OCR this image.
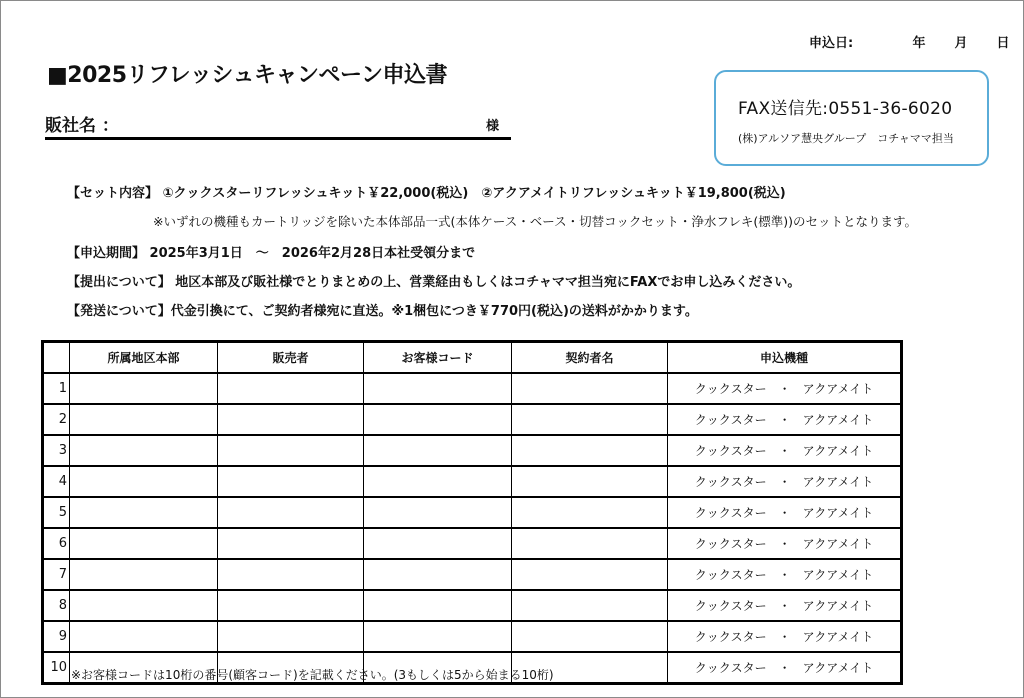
申込日:	年 月 日
■2025リフレッシュキャンペーン申込書
販社名 ：	様
FAX送信先:0551-36-6020
(株)アルソア慧央グループ　コチャママ担当
【セット内容】 ①クックスターリフレッシュキット￥22,000(税込)　②アクアメイトリフレッシュキット￥19,800(税込)
※いずれの機種もカートリッジを除いた本体部品一式(本体ケース・ベース・切替コックセット・浄水フレキ(標準))のセットとなります。
【申込期間】 2025年3月1日　～　2026年2月28日本社受領分まで
【提出について】 地区本部及び販社様でとりまとめの上、営業経由もしくはコチャママ担当宛にFAXでお申し込みください。
【発送について】代金引換にて、ご契約者様宛に直送。※1梱包につき￥770円(税込)の送料がかかります。
	所属地区本部	販売者	お客様コード	契約者名	申込機種
1					クックスター　・　アクアメイト
2					クックスター　・　アクアメイト
3					クックスター　・　アクアメイト
4					クックスター　・　アクアメイト
5					クックスター　・　アクアメイト
6					クックスター　・　アクアメイト
7					クックスター　・　アクアメイト
8					クックスター　・　アクアメイト
9					クックスター　・　アクアメイト
10					クックスター　・　アクアメイト
※お客様コードは10桁の番号(顧客コード)を記載ください。(3もしくは5から始まる10桁)
